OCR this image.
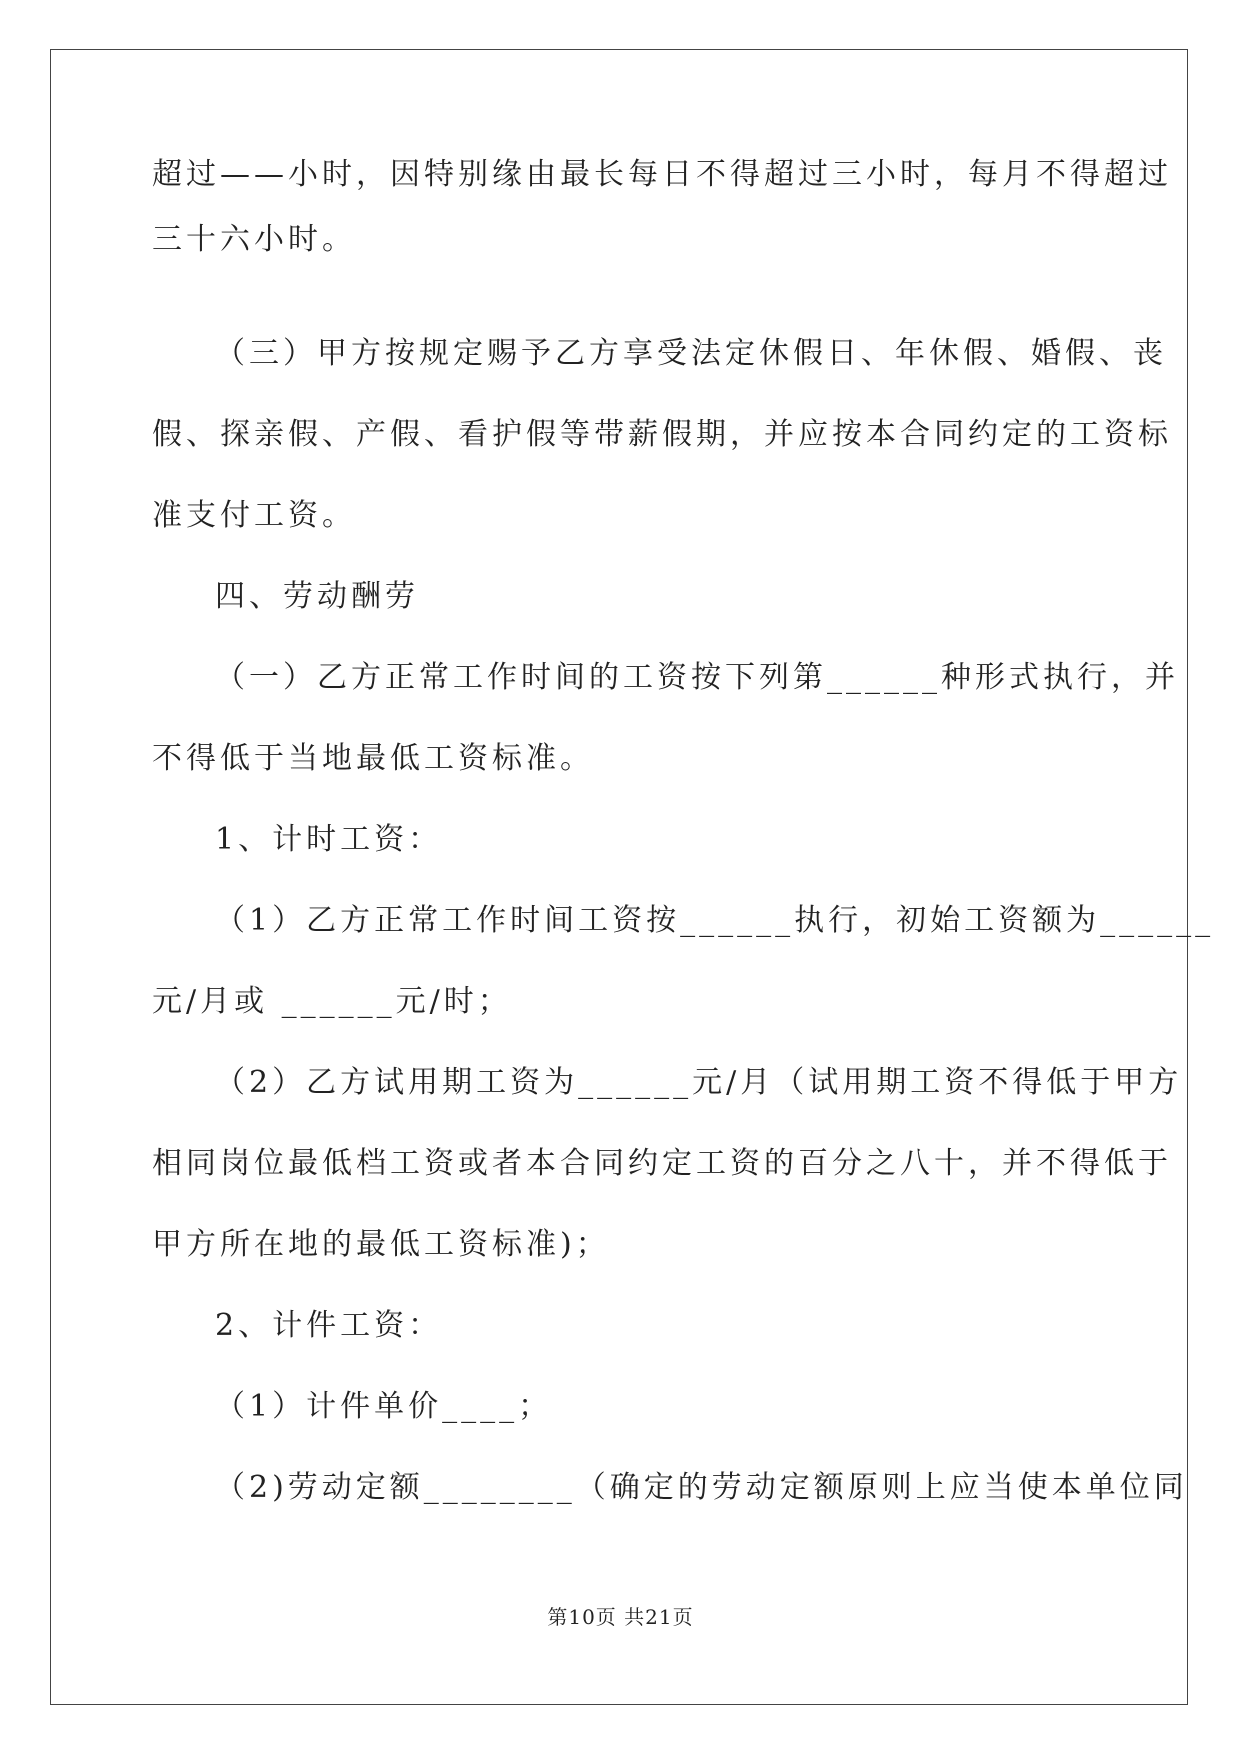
超过——小时，因特别缘由最长每日不得超过三小时，每月不得超过
三十六小时。
（三）甲方按规定赐予乙方享受法定休假日、年休假、婚假、丧
假、探亲假、产假、看护假等带薪假期，并应按本合同约定的工资标
准支付工资。
四、劳动酬劳
（一）乙方正常工作时间的工资按下列第______种形式执行，并
不得低于当地最低工资标准。
1、计时工资：
（1）乙方正常工作时间工资按______执行，初始工资额为______
元/月或 ______元/时；
（2）乙方试用期工资为______元/月（试用期工资不得低于甲方
相同岗位最低档工资或者本合同约定工资的百分之八十，并不得低于
甲方所在地的最低工资标准)；
2、计件工资：
（1）计件单价____；
（2)劳动定额________（确定的劳动定额原则上应当使本单位同
第10页 共21页
